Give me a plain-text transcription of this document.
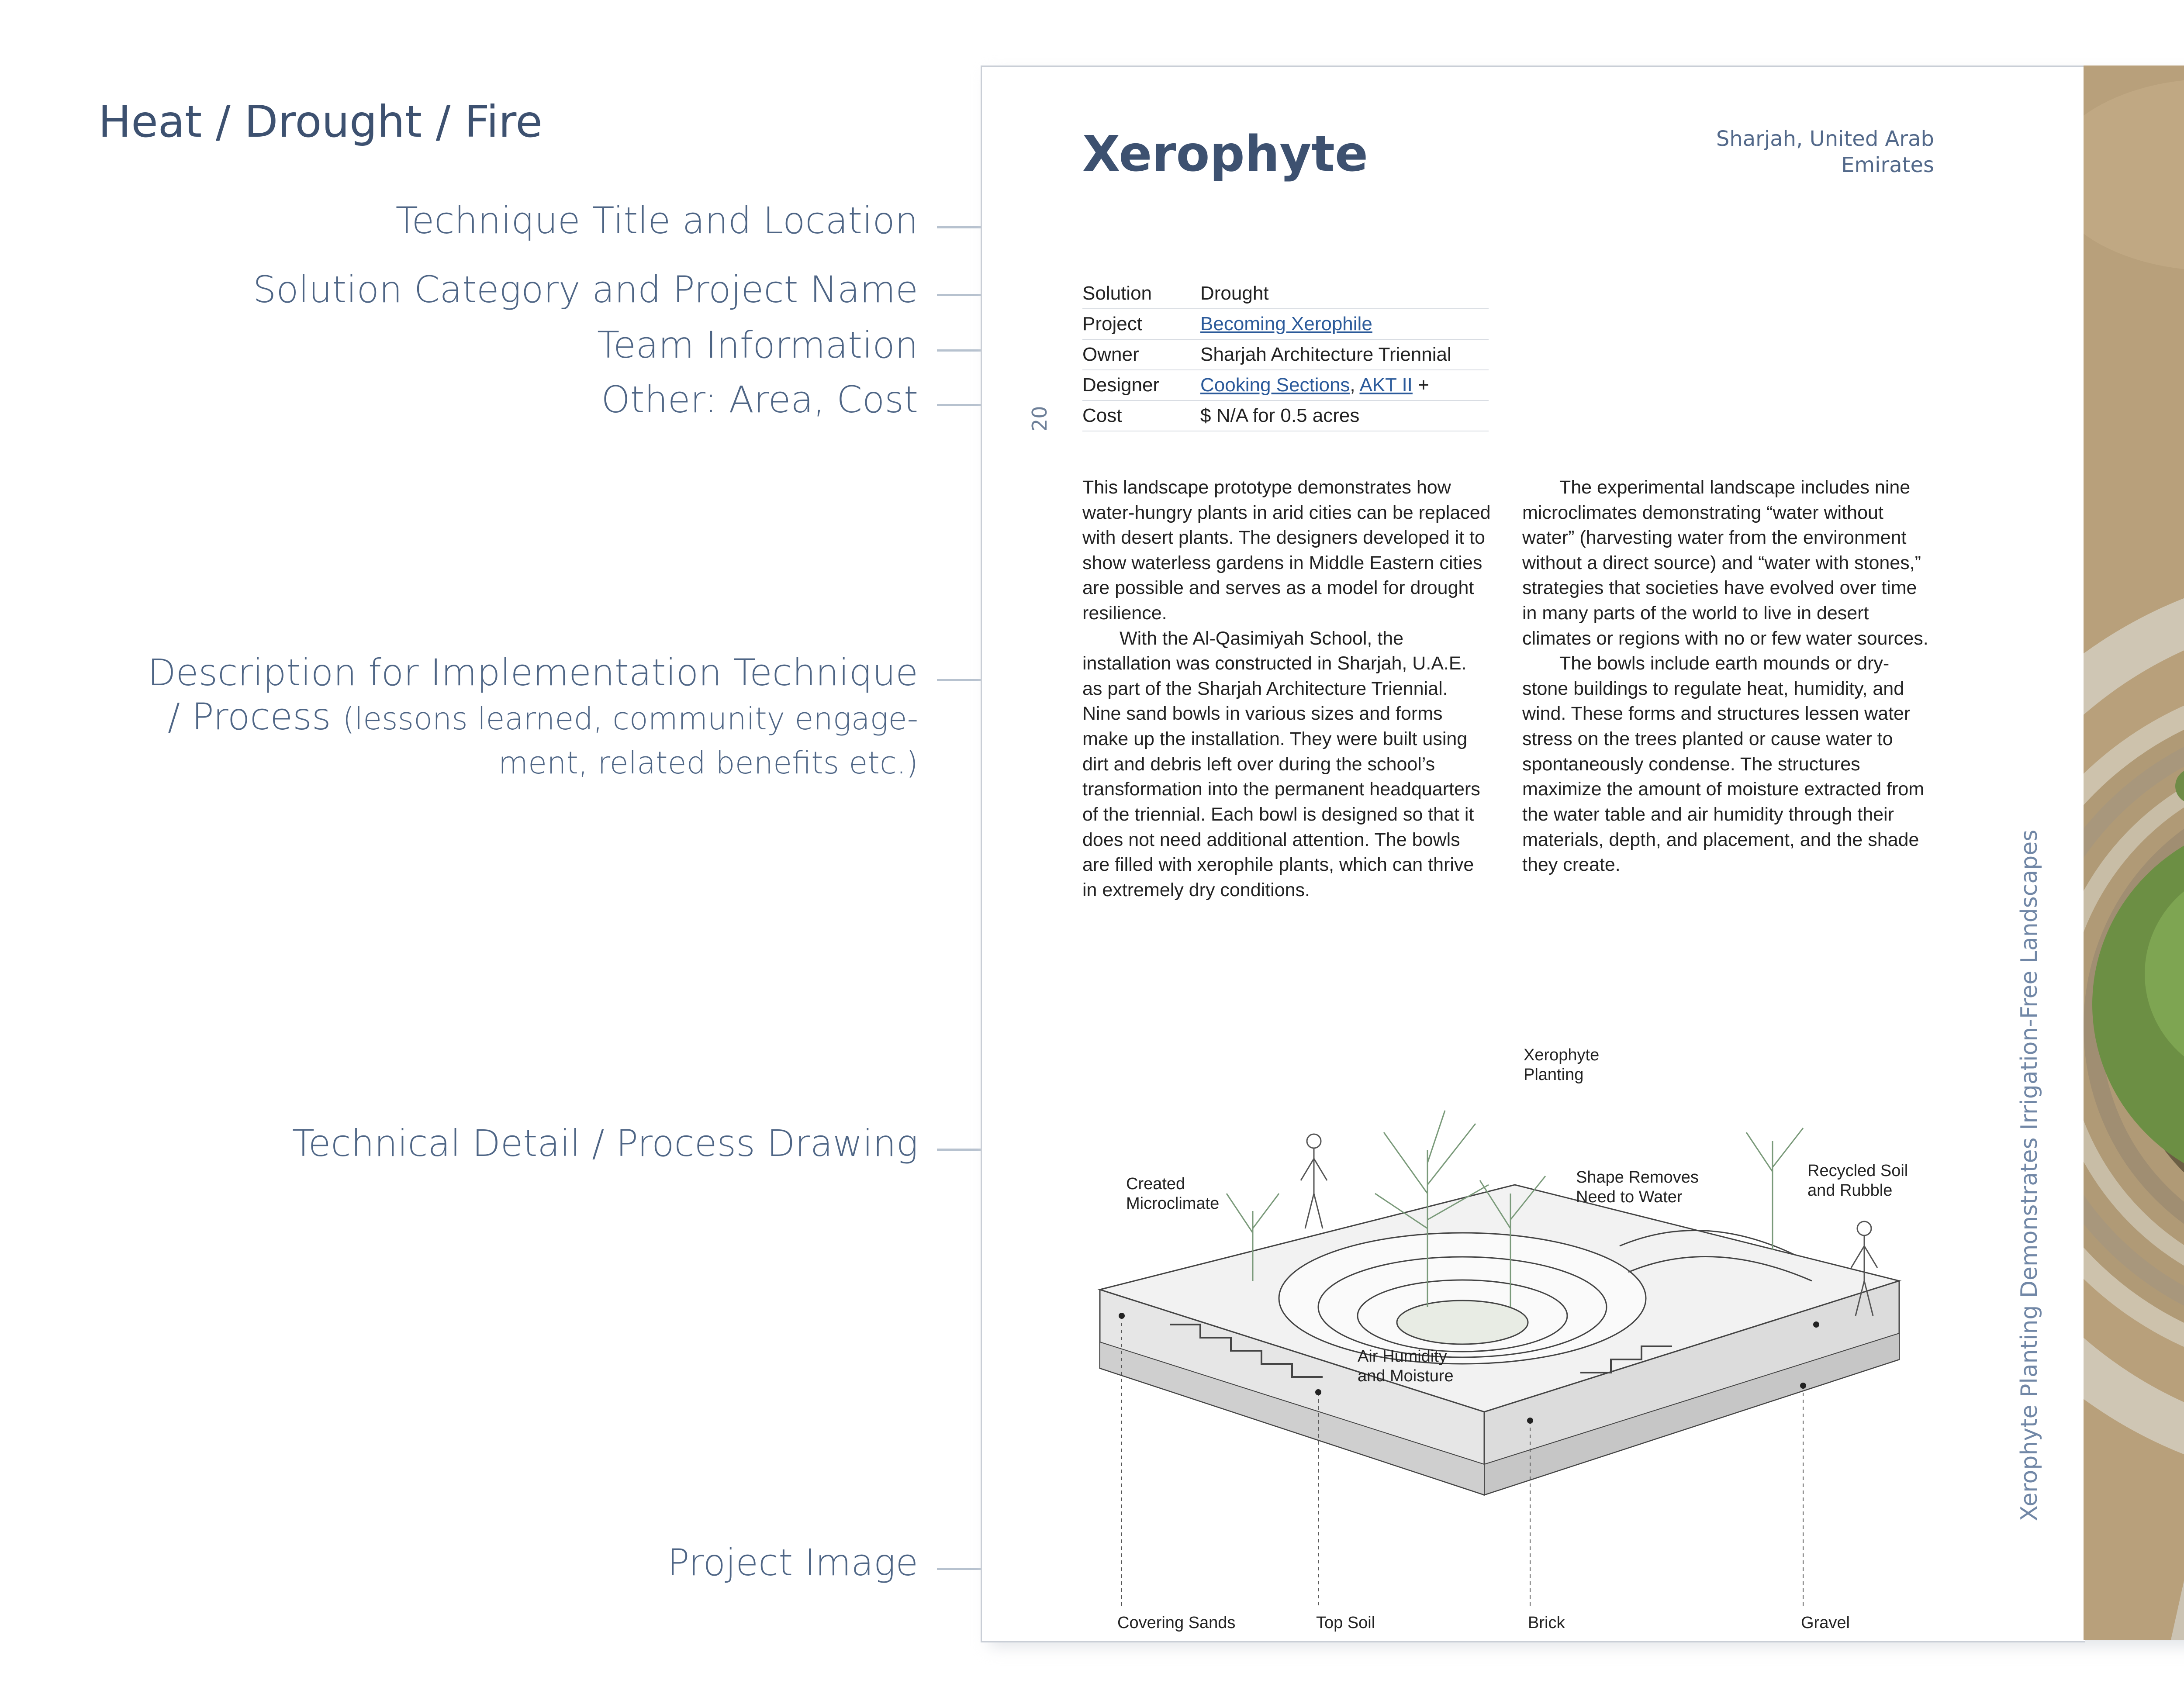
Heat / Drought / Fire
Technique Title and Location
Solution Category and Project Name
Team Information
Other: Area, Cost
Description for Implementation Technique
/ Process (lessons learned, community engage-
ment, related benefits etc.)
Technical Detail / Process Drawing
Project Image
Xerophyte	Sharjah, United Arab
Emirates
20
Solution	Drought
Project	Becoming Xerophile
Owner	Sharjah Architecture Triennial
Designer	Cooking Sections, AKT II +
Cost	$ N/A for 0.5 acres

This landscape prototype demonstrates how water-hungry plants in arid cities can be replaced with desert plants. The designers developed it to show waterless gardens in Middle Eastern cities are possible and serves as a model for drought resilience.

With the Al-Qasimiyah School, the installation was constructed in Sharjah, U.A.E. as part of the Sharjah Architecture Triennial. Nine sand bowls in various sizes and forms make up the installation. They were built using dirt and debris left over during the school’s transformation into the permanent headquarters of the triennial. Each bowl is designed so that it does not need additional attention. The bowls are filled with xerophile plants, which can thrive in extremely dry conditions.

The experimental landscape includes nine microclimates demonstrating “water without water” (harvesting water from the environment without a direct source) and “water with stones,” strategies that societies have evolved over time in many parts of the world to live in desert climates or regions with no or few water sources.

The bowls include earth mounds or dry-stone buildings to regulate heat, humidity, and wind. These forms and structures lessen water stress on the trees planted or cause water to spontaneously condense. The structures maximize the amount of moisture extracted from the water table and air humidity through their materials, depth, and placement, and the shade they create.

Xerophyte
Planting
Created
Microclimate
Shape Removes
Need to Water
Recycled Soil
and Rubble
Air Humidity
and Moisture
Covering Sands	Top Soil	Brick	Gravel
Xerophyte Planting Demonstrates Irrigation-Free Landscapes
